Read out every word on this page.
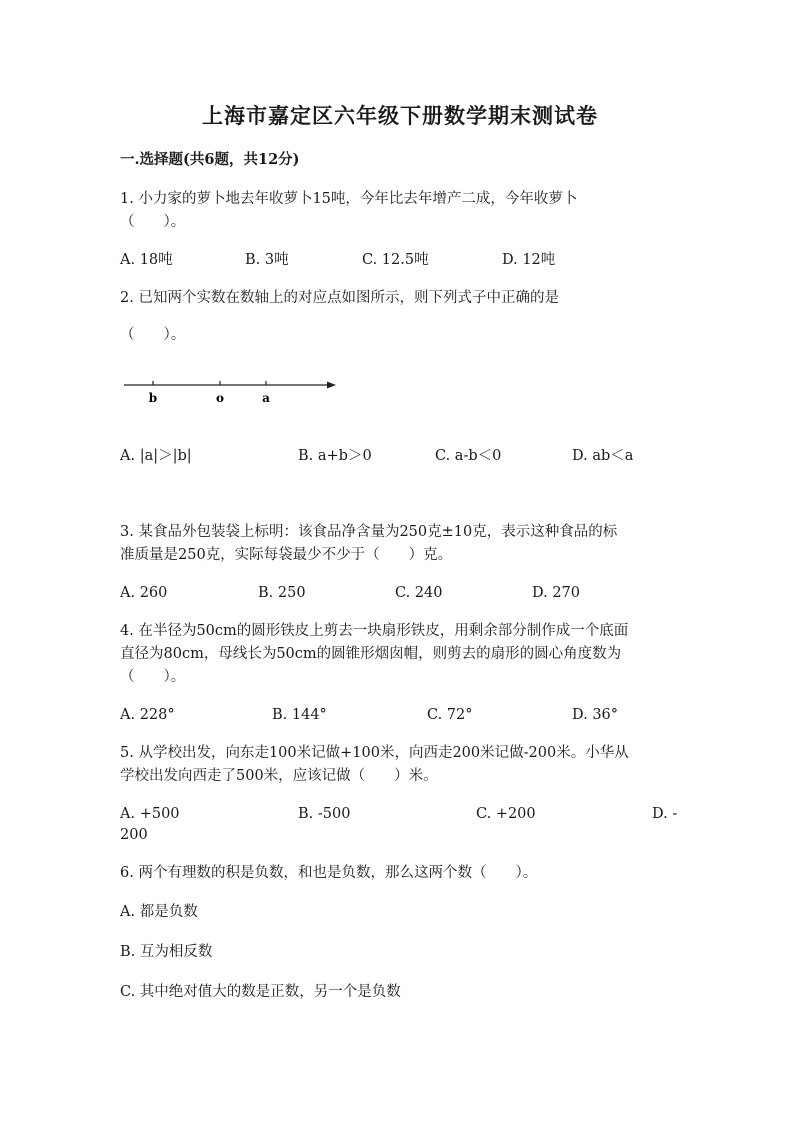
上海市嘉定区六年级下册数学期末测试卷
一.选择题(共6题，共12分)
1. 小力家的萝卜地去年收萝卜15吨，今年比去年增产二成，今年收萝卜
（　　）。
A. 18吨	B. 3吨	C. 12.5吨	D. 12吨
2. 已知两个实数在数轴上的对应点如图所示，则下列式子中正确的是
（　　）。
b	o	a
A. |a|＞|b|	B. a+b＞0	C. a-b＜0	D. ab＜a
3. 某食品外包装袋上标明：该食品净含量为250克±10克，表示这种食品的标
准质量是250克，实际每袋最少不少于（　　）克。
A. 260	B. 250	C. 240	D. 270
4. 在半径为50cm的圆形铁皮上剪去一块扇形铁皮，用剩余部分制作成一个底面
直径为80cm，母线长为50cm的圆锥形烟囱帽，则剪去的扇形的圆心角度数为
（　　）。
A. 228°	B. 144°	C. 72°	D. 36°
5. 从学校出发，向东走100米记做+100米，向西走200米记做-200米。小华从
学校出发向西走了500米，应该记做（　　）米。
A. +500	B. -500	C. +200	D. -
200
6. 两个有理数的积是负数，和也是负数，那么这两个数（　　）。
A. 都是负数
B. 互为相反数
C. 其中绝对值大的数是正数，另一个是负数
